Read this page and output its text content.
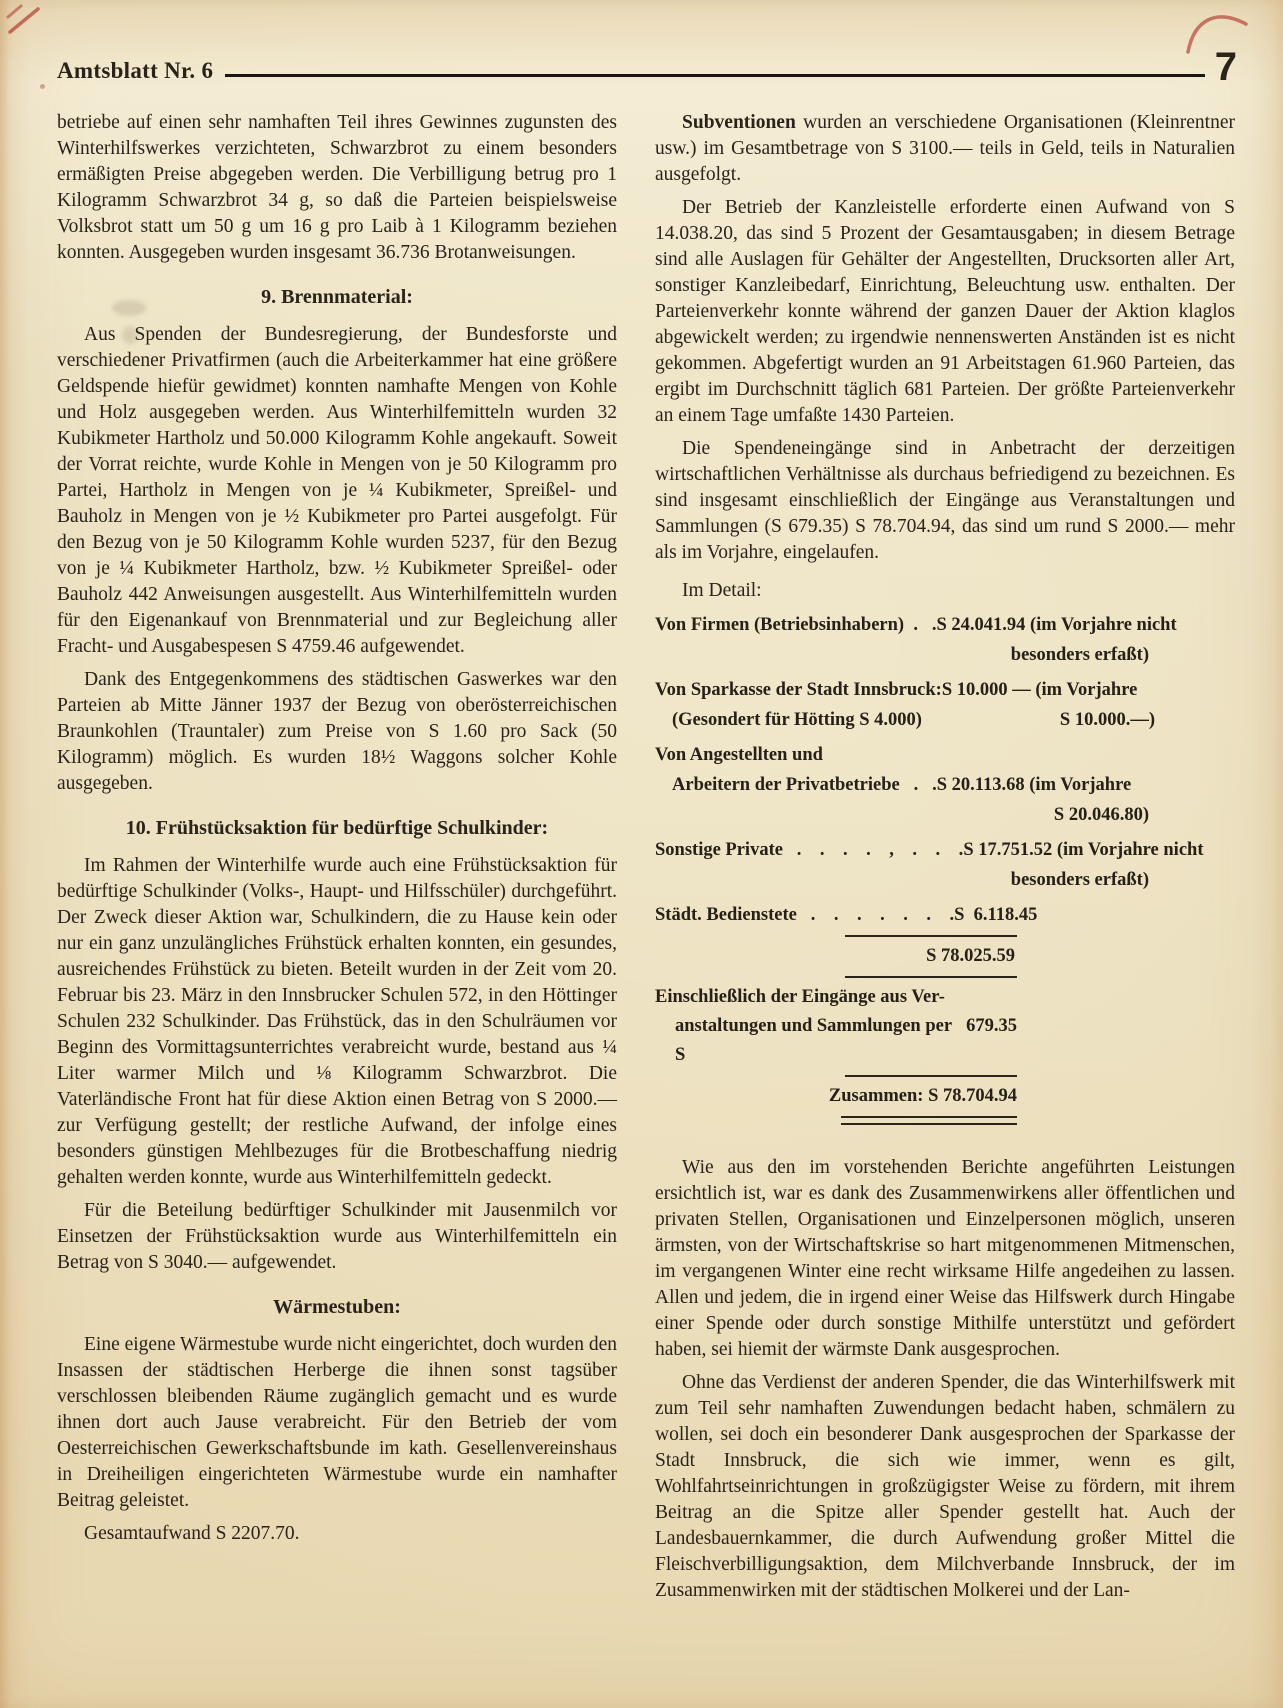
Amtsblatt Nr. 6	7

betriebe auf einen sehr namhaften Teil ihres Gewinnes zugunsten des Winterhilfswerkes verzichteten, Schwarzbrot zu einem besonders ermäßigten Preise abgegeben werden. Die Verbilligung betrug pro 1 Kilogramm Schwarzbrot 34 g, so daß die Parteien beispielsweise Volksbrot statt um 50 g um 16 g pro Laib à 1 Kilogramm beziehen konnten. Ausgegeben wurden insgesamt 36.736 Brotanweisungen.

9. Brennmaterial:

Aus Spenden der Bundesregierung, der Bundesforste und verschiedener Privatfirmen (auch die Arbeiterkammer hat eine größere Geldspende hiefür gewidmet) konnten namhafte Mengen von Kohle und Holz ausgegeben werden. Aus Winterhilfemitteln wurden 32 Kubikmeter Hartholz und 50.000 Kilogramm Kohle angekauft. Soweit der Vorrat reichte, wurde Kohle in Mengen von je 50 Kilogramm pro Partei, Hartholz in Mengen von je ¼ Kubikmeter, Spreißel- und Bauholz in Mengen von je ½ Kubikmeter pro Partei ausgefolgt. Für den Bezug von je 50 Kilogramm Kohle wurden 5237, für den Bezug von je ¼ Kubikmeter Hartholz, bzw. ½ Kubikmeter Spreißel- oder Bauholz 442 Anweisungen ausgestellt. Aus Winterhilfemitteln wurden für den Eigenankauf von Brennmaterial und zur Begleichung aller Fracht- und Ausgabespesen S 4759.46 aufgewendet.

Dank des Entgegenkommens des städtischen Gaswerkes war den Parteien ab Mitte Jänner 1937 der Bezug von oberösterreichischen Braunkohlen (Trauntaler) zum Preise von S 1.60 pro Sack (50 Kilogramm) möglich. Es wurden 18½ Waggons solcher Kohle ausgegeben.

10. Frühstücksaktion für bedürftige Schulkinder:

Im Rahmen der Winterhilfe wurde auch eine Frühstücksaktion für bedürftige Schulkinder (Volks-, Haupt- und Hilfsschüler) durchgeführt. Der Zweck dieser Aktion war, Schulkindern, die zu Hause kein oder nur ein ganz unzulängliches Frühstück erhalten konnten, ein gesundes, ausreichendes Frühstück zu bieten. Beteilt wurden in der Zeit vom 20. Februar bis 23. März in den Innsbrucker Schulen 572, in den Höttinger Schulen 232 Schulkinder. Das Frühstück, das in den Schulräumen vor Beginn des Vormittagsunterrichtes verabreicht wurde, bestand aus ¼ Liter warmer Milch und ⅛ Kilogramm Schwarzbrot. Die Vaterländische Front hat für diese Aktion einen Betrag von S 2000.— zur Verfügung gestellt; der restliche Aufwand, der infolge eines besonders günstigen Mehlbezuges für die Brotbeschaffung niedrig gehalten werden konnte, wurde aus Winterhilfemitteln gedeckt.

Für die Beteilung bedürftiger Schulkinder mit Jausenmilch vor Einsetzen der Frühstücksaktion wurde aus Winterhilfemitteln ein Betrag von S 3040.— aufgewendet.

Wärmestuben:

Eine eigene Wärmestube wurde nicht eingerichtet, doch wurden den Insassen der städtischen Herberge die ihnen sonst tagsüber verschlossen bleibenden Räume zugänglich gemacht und es wurde ihnen dort auch Jause verabreicht. Für den Betrieb der vom Oesterreichischen Gewerkschaftsbunde im kath. Gesellenvereinshaus in Dreiheiligen eingerichteten Wärmestube wurde ein namhafter Beitrag geleistet.

Gesamtaufwand S 2207.70.

Subventionen wurden an verschiedene Organisationen (Kleinrentner usw.) im Gesamtbetrage von S 3100.— teils in Geld, teils in Naturalien ausgefolgt.

Der Betrieb der Kanzleistelle erforderte einen Aufwand von S 14.038.20, das sind 5 Prozent der Gesamtausgaben; in diesem Betrage sind alle Auslagen für Gehälter der Angestellten, Drucksorten aller Art, sonstiger Kanzleibedarf, Einrichtung, Beleuchtung usw. enthalten. Der Parteienverkehr konnte während der ganzen Dauer der Aktion klaglos abgewickelt werden; zu irgendwie nennenswerten Anständen ist es nicht gekommen. Abgefertigt wurden an 91 Arbeitstagen 61.960 Parteien, das ergibt im Durchschnitt täglich 681 Parteien. Der größte Parteienverkehr an einem Tage umfaßte 1430 Parteien.

Die Spendeneingänge sind in Anbetracht der derzeitigen wirtschaftlichen Verhältnisse als durchaus befriedigend zu bezeichnen. Es sind insgesamt einschließlich der Eingänge aus Veranstaltungen und Sammlungen (S 679.35) S 78.704.94, das sind um rund S 2000.— mehr als im Vorjahre, eingelaufen.

Im Detail:

Von Firmen (Betriebsinhabern)  .   . S 24.041.94 (im Vorjahre nicht
besonders erfaßt)
Von Sparkasse der Stadt Innsbruck: S 10.000 — (im Vorjahre
(Gesondert für Hötting S 4.000)	S 10.000.—)
Von Angestellten und
Arbeitern der Privatbetriebe   .   . S 20.113.68 (im Vorjahre
S 20.046.80)
Sonstige Private   .    .    .    .    ,    .    .    . S 17.751.52 (im Vorjahre nicht
besonders erfaßt)
Städt. Bedienstete   .    .    .    .    .    .    . S  6.118.45
S 78.025.59
Einschließlich der Eingänge aus Ver-
anstaltungen und Sammlungen per S
679.35
Zusammen: S 78.704.94

Wie aus den im vorstehenden Berichte angeführten Leistungen ersichtlich ist, war es dank des Zusammenwirkens aller öffentlichen und privaten Stellen, Organisationen und Einzelpersonen möglich, unseren ärmsten, von der Wirtschaftskrise so hart mitgenommenen Mitmenschen, im vergangenen Winter eine recht wirksame Hilfe angedeihen zu lassen. Allen und jedem, die in irgend einer Weise das Hilfswerk durch Hingabe einer Spende oder durch sonstige Mithilfe unterstützt und gefördert haben, sei hiemit der wärmste Dank ausgesprochen.

Ohne das Verdienst der anderen Spender, die das Winterhilfswerk mit zum Teil sehr namhaften Zuwendungen bedacht haben, schmälern zu wollen, sei doch ein besonderer Dank ausgesprochen der Sparkasse der Stadt Innsbruck, die sich wie immer, wenn es gilt, Wohlfahrtseinrichtungen in großzügigster Weise zu fördern, mit ihrem Beitrag an die Spitze aller Spender gestellt hat. Auch der Landesbauernkammer, die durch Aufwendung großer Mittel die Fleischverbilligungsaktion, dem Milchverbande Innsbruck, der im Zusammenwirken mit der städtischen Molkerei und der Lan-
